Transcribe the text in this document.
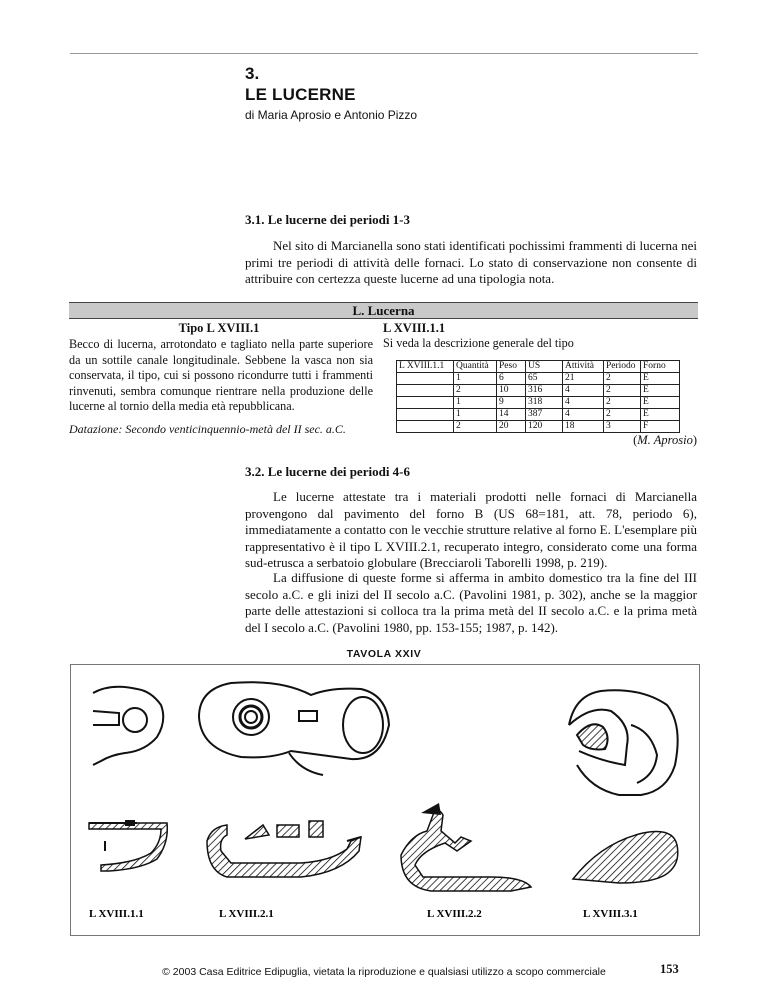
3.
LE LUCERNE
di Maria Aprosio e Antonio Pizzo
3.1. Le lucerne dei periodi 1-3
Nel sito di Marcianella sono stati identificati pochissimi frammenti di lucerna nei primi tre periodi di attività delle fornaci. Lo stato di conservazione non consente di attribuire con certezza queste lucerne ad una tipologia nota.
L. Lucerna
Tipo L XVIII.1
Becco di lucerna, arrotondato e tagliato nella parte superiore da un sottile canale longitudinale. Sebbene la vasca non sia conservata, il tipo, cui si possono ricondurre tutti i frammenti rinvenuti, sembra comunque rientrare nella produzione delle lucerne al tornio della media età repubblicana.
Datazione: Secondo venticinquennio-metà del II sec. a.C.
L XVIII.1.1
Si veda la descrizione generale del tipo
L XVIII.1.1	Quantità	Peso	US	Attività	Periodo	Forno
	1	6	65	21	2	E
	2	10	316	4	2	E
	1	9	318	4	2	E
	1	14	387	4	2	E
	2	20	120	18	3	F
(M. Aprosio)
3.2. Le lucerne dei periodi 4-6
Le lucerne attestate tra i materiali prodotti nelle fornaci di Marcianella provengono dal pavimento del forno B (US 68=181, att. 78, periodo 6), immediatamente a contatto con le vecchie strutture relative al forno E. L'esemplare più rappresentativo è il tipo L XVIII.2.1, recuperato integro, considerato come una forma sud-etrusca a serbatoio globulare (Brecciaroli Taborelli 1998, p. 219).
La diffusione di queste forme si afferma in ambito domestico tra la fine del III secolo a.C. e gli inizi del II secolo a.C. (Pavolini 1981, p. 302), anche se la maggior parte delle attestazioni si colloca tra la prima metà del II secolo a.C. e la prima metà del I secolo a.C. (Pavolini 1980, pp. 153-155; 1987, p. 142).
TAVOLA XXIV
L XVIII.1.1	L XVIII.2.1	L XVIII.2.2	L XVIII.3.1
© 2003 Casa Editrice Edipuglia, vietata la riproduzione e qualsiasi utilizzo a scopo commerciale	153
